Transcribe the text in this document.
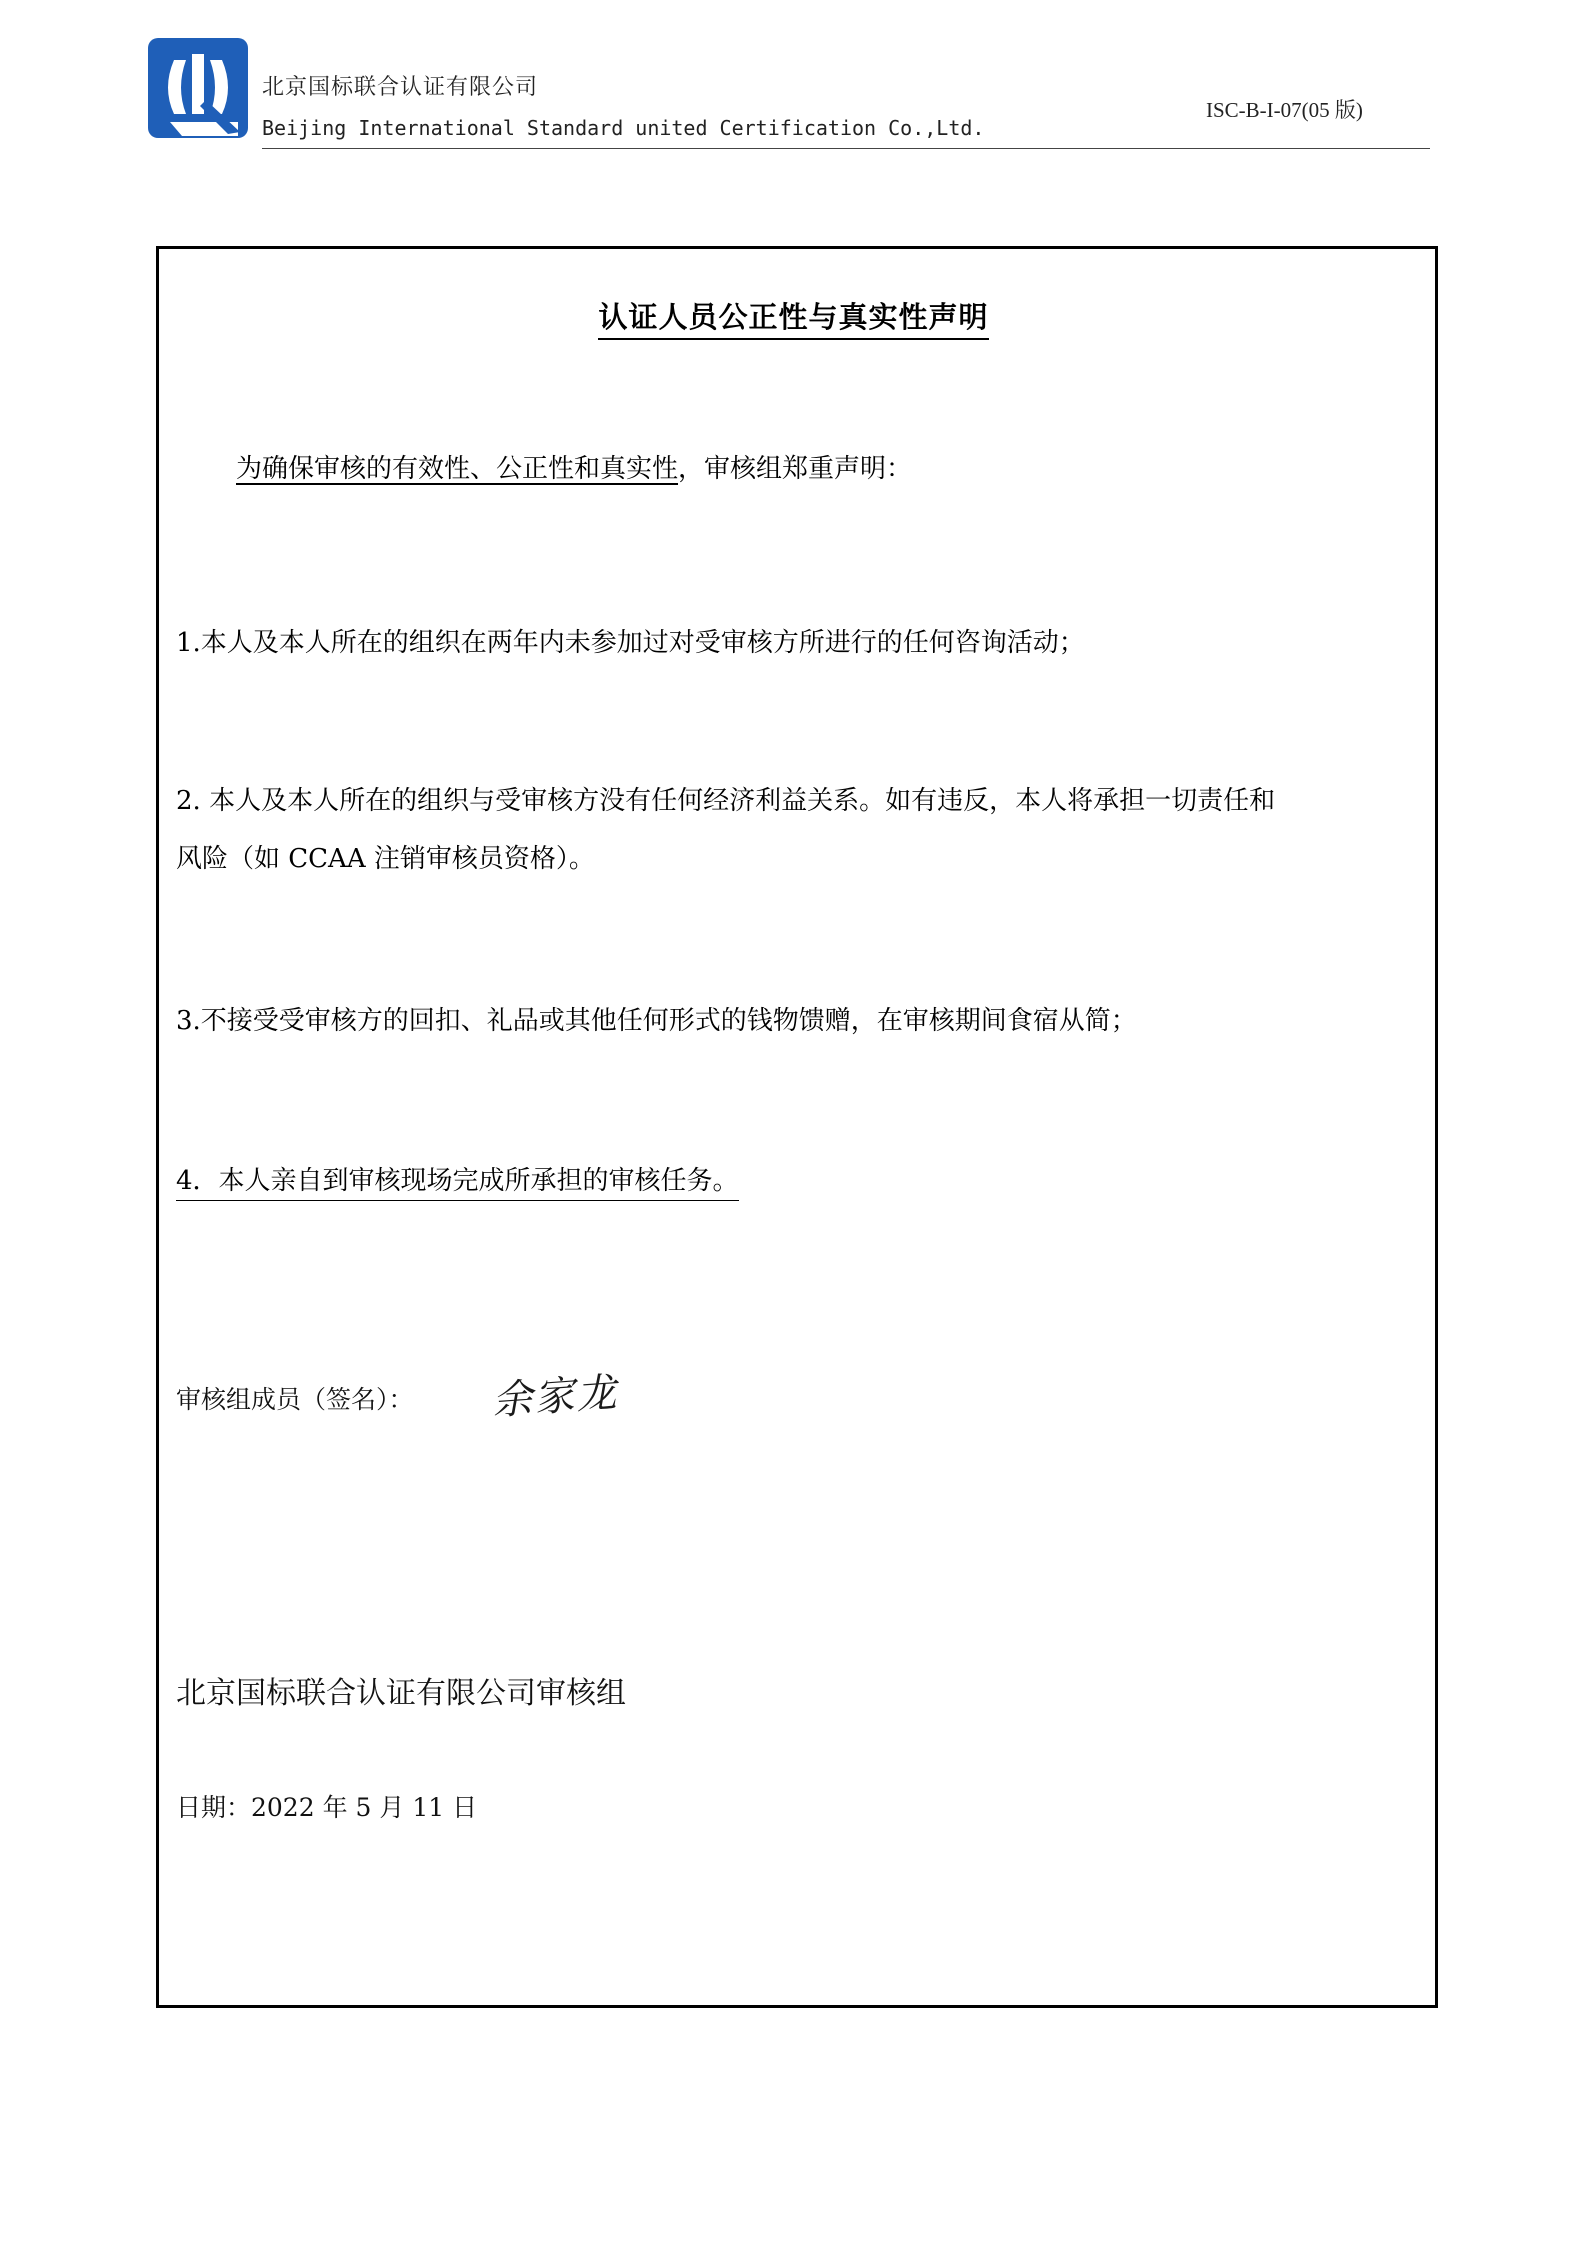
北京国标联合认证有限公司
Beijing International Standard united Certification Co.,Ltd.
ISC-B-I-07(05 版)
认证人员公正性与真实性声明
为确保审核的有效性、公正性和真实性，审核组郑重声明：
1.本人及本人所在的组织在两年内未参加过对受审核方所进行的任何咨询活动；
2. 本人及本人所在的组织与受审核方没有任何经济利益关系。如有违反，本人将承担一切责任和
风险（如 CCAA 注销审核员资格）。
3.不接受受审核方的回扣、礼品或其他任何形式的钱物馈赠，在审核期间食宿从简；
4．本人亲自到审核现场完成所承担的审核任务。
审核组成员（签名）： 余家龙
北京国标联合认证有限公司审核组
日期：2022 年 5 月 11 日
